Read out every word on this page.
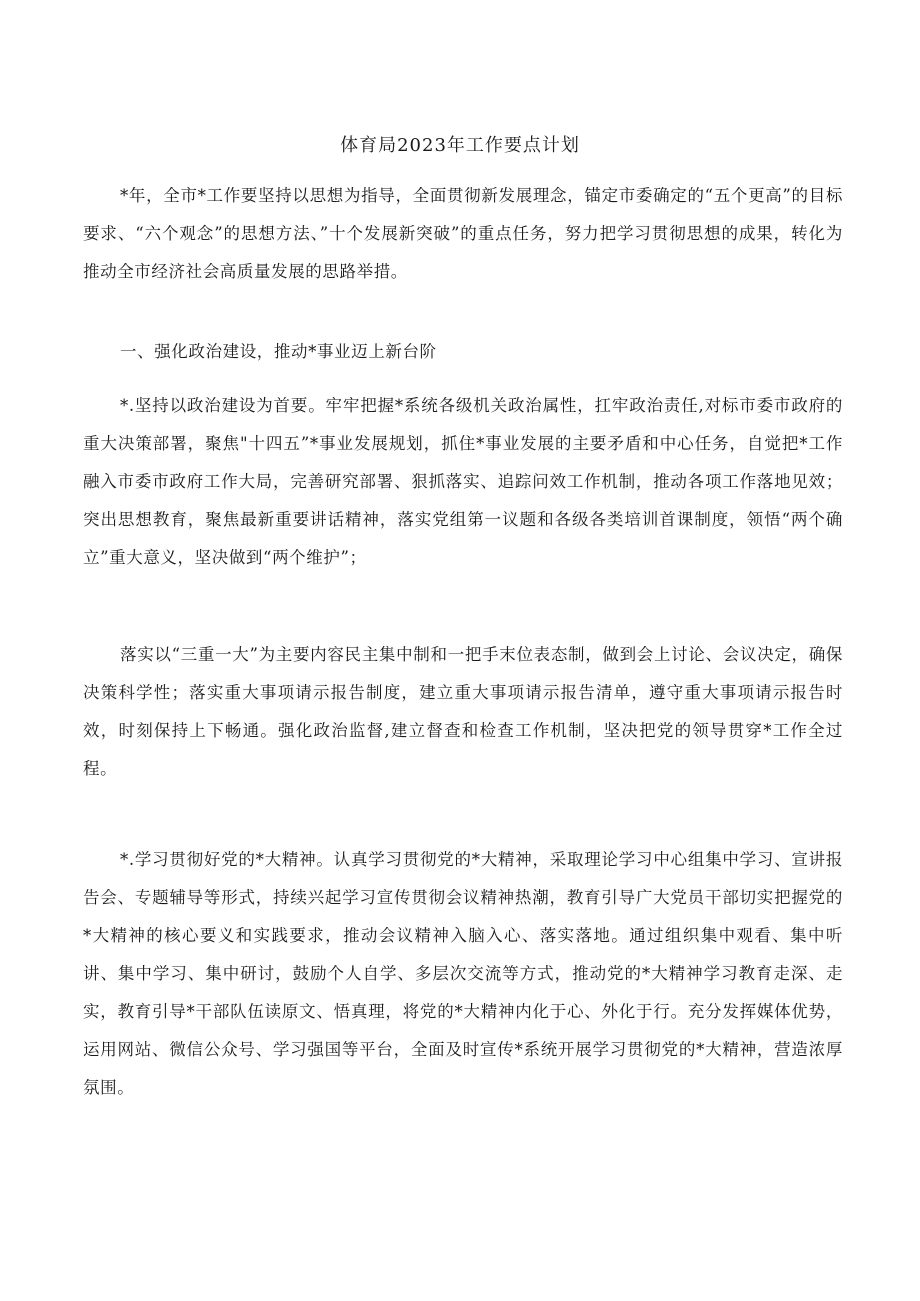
体育局2023年工作要点计划

*年，全市*工作要坚持以思想为指导，全面贯彻新发展理念，锚定市委确定的“五个更高”的目标要求、“六个观念”的思想方法、”十个发展新突破”的重点任务，努力把学习贯彻思想的成果，转化为推动全市经济社会高质量发展的思路举措。

一、强化政治建设，推动*事业迈上新台阶

*.坚持以政治建设为首要。牢牢把握*系统各级机关政治属性，扛牢政治责任,对标市委市政府的重大决策部署，聚焦"十四五”*事业发展规划，抓住*事业发展的主要矛盾和中心任务，自觉把*工作融入市委市政府工作大局，完善研究部署、狠抓落实、追踪问效工作机制，推动各项工作落地见效；突出思想教育，聚焦最新重要讲话精神，落实党组第一议题和各级各类培训首课制度，领悟“两个确立”重大意义，坚决做到“两个维护”；

落实以“三重一大”为主要内容民主集中制和一把手末位表态制，做到会上讨论、会议决定，确保决策科学性；落实重大事项请示报告制度，建立重大事项请示报告清单，遵守重大事项请示报告时效，时刻保持上下畅通。强化政治监督,建立督查和检查工作机制，坚决把党的领导贯穿*工作全过程。

*.学习贯彻好党的*大精神。认真学习贯彻党的*大精神，采取理论学习中心组集中学习、宣讲报告会、专题辅导等形式，持续兴起学习宣传贯彻会议精神热潮，教育引导广大党员干部切实把握党的*大精神的核心要义和实践要求，推动会议精神入脑入心、落实落地。通过组织集中观看、集中听讲、集中学习、集中研讨，鼓励个人自学、多层次交流等方式，推动党的*大精神学习教育走深、走实，教育引导*干部队伍读原文、悟真理，将党的*大精神内化于心、外化于行。充分发挥媒体优势，运用网站、微信公众号、学习强国等平台，全面及时宣传*系统开展学习贯彻党的*大精神，营造浓厚氛围。
